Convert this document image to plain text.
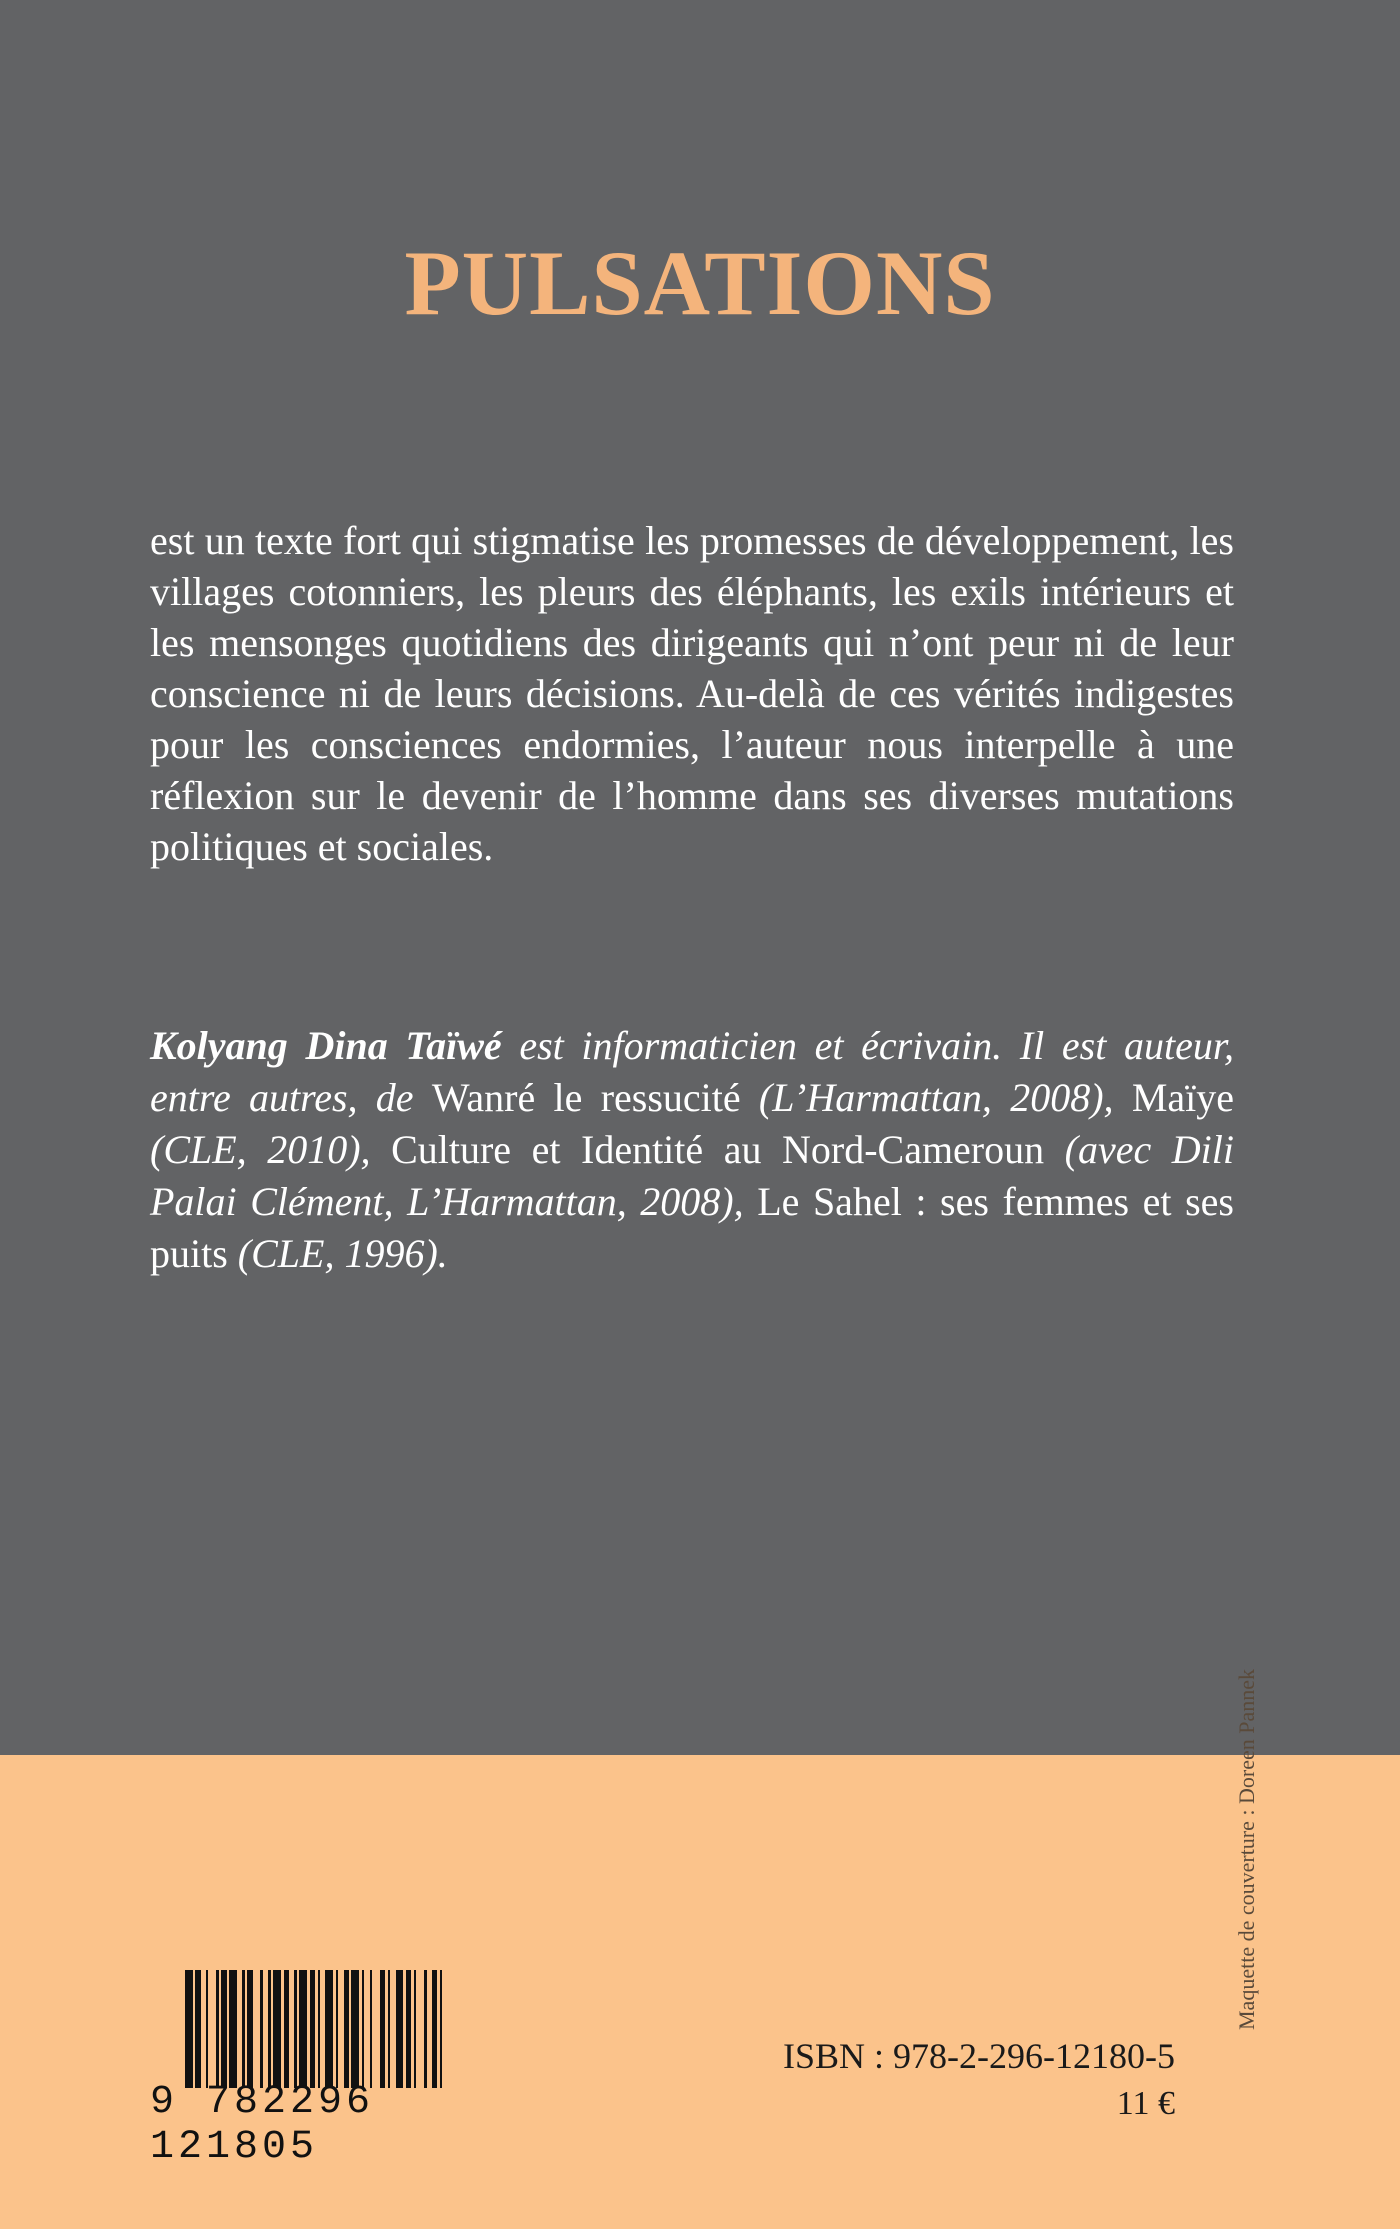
PULSATIONS

est un texte fort qui stigmatise les promesses de développement, les villages cotonniers, les pleurs des éléphants, les exils intérieurs et les mensonges quotidiens des dirigeants qui n’ont peur ni de leur conscience ni de leurs décisions. Au-delà de ces vérités indigestes pour les consciences endormies, l’auteur nous interpelle à une réflexion sur le devenir de l’homme dans ses diverses mutations politiques et sociales.

Kolyang Dina Taïwé est informaticien et écrivain. Il est auteur, entre autres, de Wanré le ressucité (L’Harmattan, 2008), Maïye (CLE, 2010), Culture et Identité au Nord-Cameroun (avec Dili Palai Clément, L’Harmattan, 2008), Le Sahel : ses femmes et ses puits (CLE, 1996).

Maquette de couverture : Doreen Pannek
9 782296 121805

ISBN : 978-2-296-12180-5

11 €
